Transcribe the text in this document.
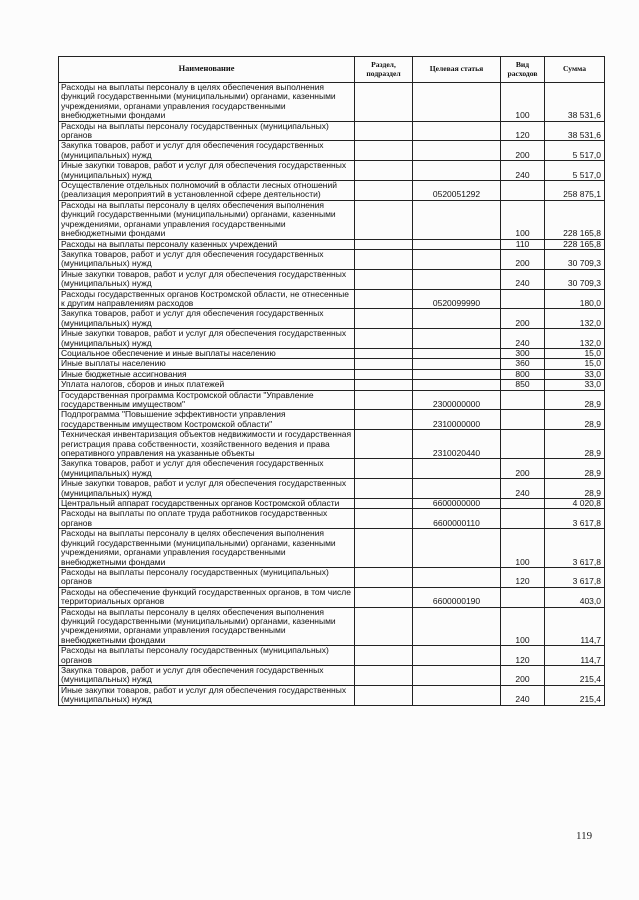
Наименование	Раздел, подраздел	Целевая статья	Вид расходов	Сумма
Расходы на выплаты персоналу в целях обеспечения выполнения функций государственными (муниципальными) органами, казенными учреждениями, органами управления государственными внебюджетными фондами			100	38 531,6
Расходы на выплаты персоналу государственных (муниципальных) органов			120	38 531,6
Закупка товаров, работ и услуг для обеспечения государственных (муниципальных) нужд			200	5 517,0
Иные закупки товаров, работ и услуг для обеспечения государственных (муниципальных) нужд			240	5 517,0
Осуществление отдельных полномочий в области лесных отношений (реализация мероприятий в установленной сфере деятельности)		0520051292		258 875,1
Расходы на выплаты персоналу в целях обеспечения выполнения функций государственными (муниципальными) органами, казенными учреждениями, органами управления государственными внебюджетными фондами			100	228 165,8
Расходы на выплаты персоналу казенных учреждений			110	228 165,8
Закупка товаров, работ и услуг для обеспечения государственных (муниципальных) нужд			200	30 709,3
Иные закупки товаров, работ и услуг для обеспечения государственных (муниципальных) нужд			240	30 709,3
Расходы государственных органов Костромской области, не отнесенные к другим направлениям расходов		0520099990		180,0
Закупка товаров, работ и услуг для обеспечения государственных (муниципальных) нужд			200	132,0
Иные закупки товаров, работ и услуг для обеспечения государственных (муниципальных) нужд			240	132,0
Социальное обеспечение и иные выплаты населению			300	15,0
Иные выплаты населению			360	15,0
Иные бюджетные ассигнования			800	33,0
Уплата налогов, сборов и иных платежей			850	33,0
Государственная программа Костромской области "Управление государственным имуществом"		2300000000		28,9
Подпрограмма "Повышение эффективности управления государственным имуществом Костромской области"		2310000000		28,9
Техническая инвентаризация объектов недвижимости и государственная регистрация права собственности, хозяйственного ведения и права оперативного управления на указанные объекты		2310020440		28,9
Закупка товаров, работ и услуг для обеспечения государственных (муниципальных) нужд			200	28,9
Иные закупки товаров, работ и услуг для обеспечения государственных (муниципальных) нужд			240	28,9
Центральный аппарат государственных органов Костромской области		6600000000		4 020,8
Расходы на выплаты по оплате труда работников государственных органов		6600000110		3 617,8
Расходы на выплаты персоналу в целях обеспечения выполнения функций государственными (муниципальными) органами, казенными учреждениями, органами управления государственными внебюджетными фондами			100	3 617,8
Расходы на выплаты персоналу государственных (муниципальных) органов			120	3 617,8
Расходы на обеспечение функций государственных органов, в том числе территориальных органов		6600000190		403,0
Расходы на выплаты персоналу в целях обеспечения выполнения функций государственными (муниципальными) органами, казенными учреждениями, органами управления государственными внебюджетными фондами			100	114,7
Расходы на выплаты персоналу государственных (муниципальных) органов			120	114,7
Закупка товаров, работ и услуг для обеспечения государственных (муниципальных) нужд			200	215,4
Иные закупки товаров, работ и услуг для обеспечения государственных (муниципальных) нужд			240	215,4
119
